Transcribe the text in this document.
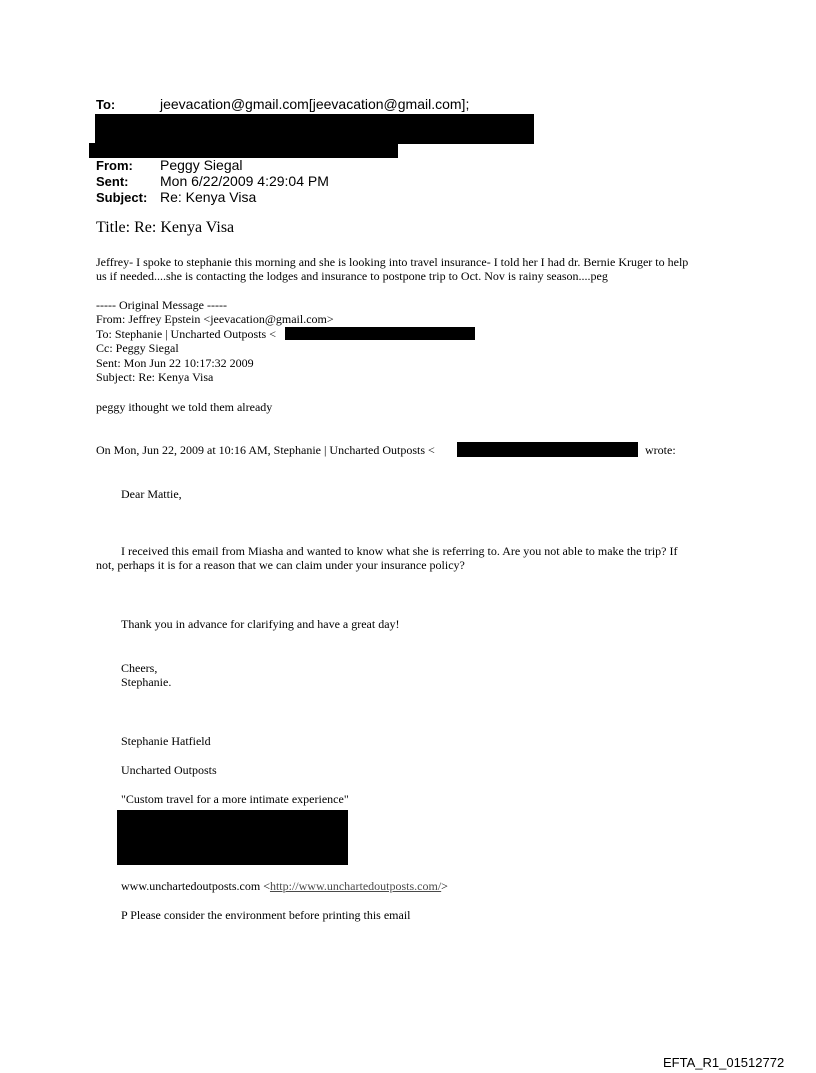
To:	jeevacation@gmail.com[jeevacation@gmail.com];
From: Peggy Siegal
Sent: Mon 6/22/2009 4:29:04 PM
Subject: Re: Kenya Visa
Title: Re: Kenya Visa
Jeffrey- I spoke to stephanie this morning and she is looking into travel insurance- I told her I had dr. Bernie Kruger to help
us if needed....she is contacting the lodges and insurance to postpone trip to Oct. Nov is rainy season....peg
----- Original Message -----
From: Jeffrey Epstein <jeevacation@gmail.com>
To: Stephanie | Uncharted Outposts <
Cc: Peggy Siegal
Sent: Mon Jun 22 10:17:32 2009
Subject: Re: Kenya Visa
peggy ithought we told them already
On Mon, Jun 22, 2009 at 10:16 AM, Stephanie | Uncharted Outposts <	wrote:
Dear Mattie,
I received this email from Miasha and wanted to know what she is referring to. Are you not able to make the trip? If
not, perhaps it is for a reason that we can claim under your insurance policy?
Thank you in advance for clarifying and have a great day!
Cheers,
Stephanie.
Stephanie Hatfield
Uncharted Outposts
"Custom travel for a more intimate experience"
www.unchartedoutposts.com <http://www.unchartedoutposts.com/>
P Please consider the environment before printing this email
EFTA_R1_01512772
